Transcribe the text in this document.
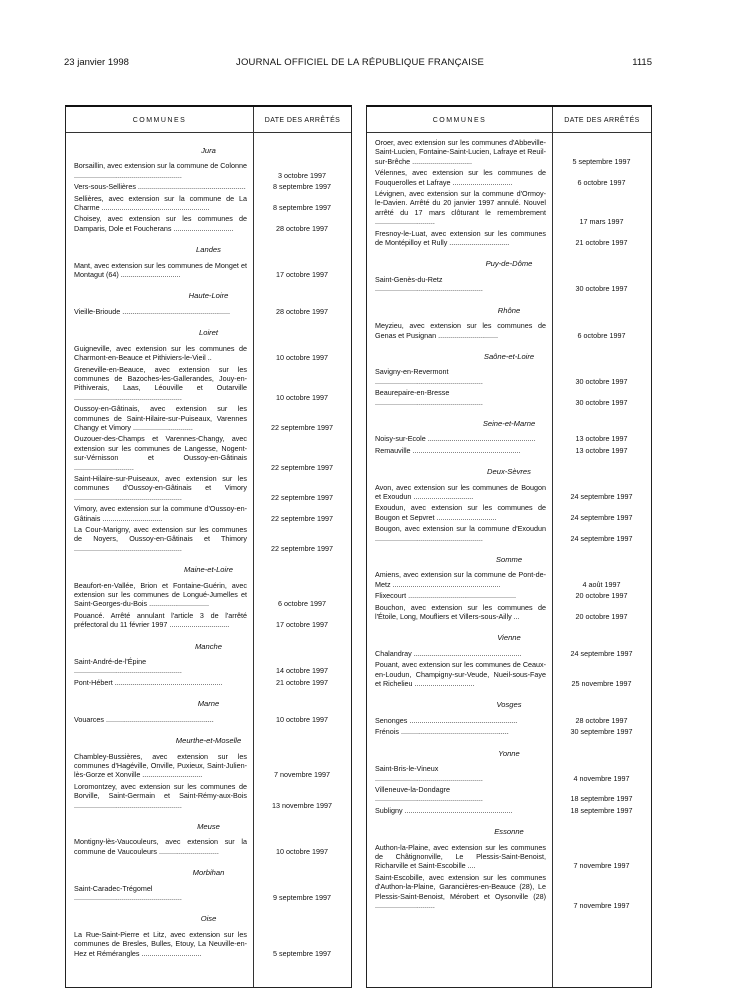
23 janvier 1998	JOURNAL OFFICIEL DE LA RÉPUBLIQUE FRANÇAISE	1115
COMMUNES	DATE DES ARRÊTÉS
Jura
Borsaillin, avec extension sur la commune de Colonne ......................................................	3 octobre 1997
Vers-sous-Sellières ......................................................	8 septembre 1997
Sellières, avec extension sur la commune de La Charme ......................................................	8 septembre 1997
Choisey, avec extension sur les communes de Damparis, Dole et Foucherans ..............................	28 octobre 1997
Landes
Mant, avec extension sur les communes de Monget et Montagut (64) ..............................	17 octobre 1997
Haute-Loire
Vieille-Brioude ......................................................	28 octobre 1997
Loiret
Guigneville, avec extension sur les communes de Charmont-en-Beauce et Pithiviers-le-Vieil ..	10 octobre 1997
Greneville-en-Beauce, avec extension sur les communes de Bazoches-les-Gallerandes, Jouy-en-Pithiverais, Laas, Léouville et Outarville ......................................................	10 octobre 1997
Oussoy-en-Gâtinais, avec extension sur les communes de Saint-Hilaire-sur-Puiseaux, Varennes Changy et Vimory ..............................	22 septembre 1997
Ouzouer-des-Champs et Varennes-Changy, avec extension sur les communes de Langesse, Nogent-sur-Vérnisson et Oussoy-en-Gâtinais ..............................	22 septembre 1997
Saint-Hilaire-sur-Puiseaux, avec extension sur les communes d'Oussoy-en-Gâtinais et Vimory ......................................................	22 septembre 1997
Vimory, avec extension sur la commune d'Oussoy-en-Gâtinais ..............................	22 septembre 1997
La Cour-Marigny, avec extension sur les communes de Noyers, Oussoy-en-Gâtinais et Thimory ......................................................	22 septembre 1997
Maine-et-Loire
Beaufort-en-Vallée, Brion et Fontaine-Guérin, avec extension sur les communes de Longué-Jumelles et Saint-Georges-du-Bois ..............................	6 octobre 1997
Pouancé. Arrêté annulant l'article 3 de l'arrêté préfectoral du 11 février 1997 ..............................	17 octobre 1997
Manche
Saint-André-de-l'Épine ......................................................	14 octobre 1997
Pont-Hébert ......................................................	21 octobre 1997
Marne
Vouarces ......................................................	10 octobre 1997
Meurthe-et-Moselle
Chambley-Bussières, avec extension sur les communes d'Hagéville, Onville, Puxieux, Saint-Julien-lès-Gorze et Xonville ..............................	7 novembre 1997
Loromontzey, avec extension sur les communes de Borville, Saint-Germain et Saint-Rémy-aux-Bois ......................................................	13 novembre 1997
Meuse
Montigny-lès-Vaucouleurs, avec extension sur la commune de Vaucouleurs ..............................	10 octobre 1997
Morbihan
Saint-Caradec-Trégomel ......................................................	9 septembre 1997
Oise
La Rue-Saint-Pierre et Litz, avec extension sur les communes de Bresles, Bulles, Etouy, La Neuville-en-Hez et Rémérangles ..............................	5 septembre 1997
COMMUNES	DATE DES ARRÊTÉS
Oroer, avec extension sur les communes d'Abbeville-Saint-Lucien, Fontaine-Saint-Lucien, Lafraye et Reuil-sur-Brêche ..............................	5 septembre 1997
Vélennes, avec extension sur les communes de Fouquerolles et Lafraye ..............................	6 octobre 1997
Lévignen, avec extension sur la commune d'Ormoy-le-Davien. Arrêté du 20 janvier 1997 annulé. Nouvel arrêté du 17 mars clôturant le remembrement ..............................	17 mars 1997
Fresnoy-le-Luat, avec extension sur les communes de Montépilloy et Rully ..............................	21 octobre 1997
Puy-de-Dôme
Saint-Genès-du-Retz ......................................................	30 octobre 1997
Rhône
Meyzieu, avec extension sur les communes de Genas et Pusignan ..............................	6 octobre 1997
Saône-et-Loire
Savigny-en-Revermont ......................................................	30 octobre 1997
Beaurepaire-en-Bresse ......................................................	30 octobre 1997
Seine-et-Marne
Noisy-sur-Ecole ......................................................	13 octobre 1997
Remauville ......................................................	13 octobre 1997
Deux-Sèvres
Avon, avec extension sur les communes de Bougon et Exoudun ..............................	24 septembre 1997
Exoudun, avec extension sur les communes de Bougon et Sepvret ..............................	24 septembre 1997
Bougon, avec extension sur la commune d'Exoudun ......................................................	24 septembre 1997
Somme
Amiens, avec extension sur la commune de Pont-de-Metz ......................................................	4 août 1997
Flixecourt ......................................................	20 octobre 1997
Bouchon, avec extension sur les communes de l'Étoile, Long, Moufliers et Villers-sous-Ailly ...	20 octobre 1997
Vienne
Chalandray ......................................................	24 septembre 1997
Pouant, avec extension sur les communes de Ceaux-en-Loudun, Champigny-sur-Veude, Nueil-sous-Faye et Richelieu ..............................	25 novembre 1997
Vosges
Senonges ......................................................	28 octobre 1997
Frénois ......................................................	30 septembre 1997
Yonne
Saint-Bris-le-Vineux ......................................................	4 novembre 1997
Villeneuve-la-Dondagre ......................................................	18 septembre 1997
Subligny ......................................................	18 septembre 1997
Essonne
Authon-la-Plaine, avec extension sur les communes de Châtignonville, Le Plessis-Saint-Benoist, Richarville et Saint-Escobille ....	7 novembre 1997
Saint-Escobille, avec extension sur les communes d'Authon-la-Plaine, Garancières-en-Beauce (28), Le Plessis-Saint-Benoist, Mérobert et Oysonville (28) ..............................	7 novembre 1997
